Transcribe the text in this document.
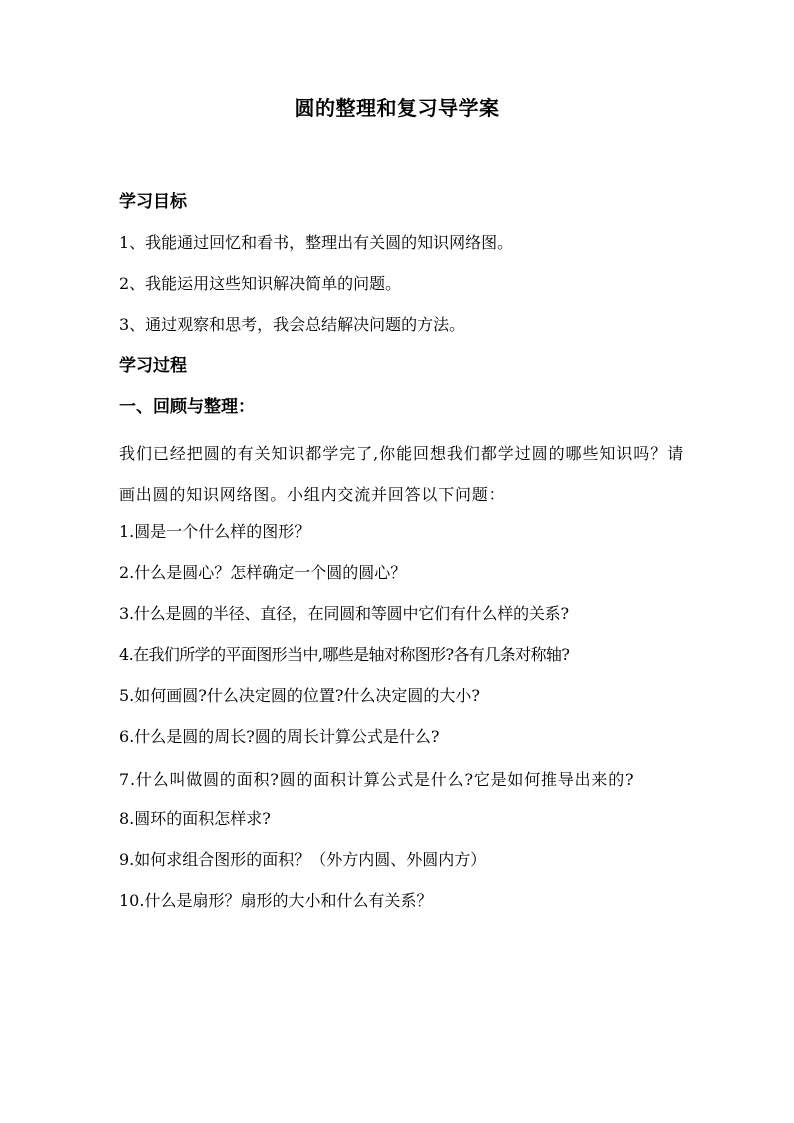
圆的整理和复习导学案
学习目标
1、我能通过回忆和看书，整理出有关圆的知识网络图。
2、我能运用这些知识解决简单的问题。
3、通过观察和思考，我会总结解决问题的方法。
学习过程
一、回顾与整理：

我们已经把圆的有关知识都学完了,你能回想我们都学过圆的哪些知识吗？请画出圆的知识网络图。小组内交流并回答以下问题：

1.圆是一个什么样的图形？
2.什么是圆心？怎样确定一个圆的圆心？
3.什么是圆的半径、直径，在同圆和等圆中它们有什么样的关系?
4.在我们所学的平面图形当中,哪些是轴对称图形?各有几条对称轴?
5.如何画圆?什么决定圆的位置?什么决定圆的大小?
6.什么是圆的周长?圆的周长计算公式是什么?
7.什么叫做圆的面积?圆的面积计算公式是什么?它是如何推导出来的?
8.圆环的面积怎样求?
9.如何求组合图形的面积？（外方内圆、外圆内方）
10.什么是扇形？扇形的大小和什么有关系？
